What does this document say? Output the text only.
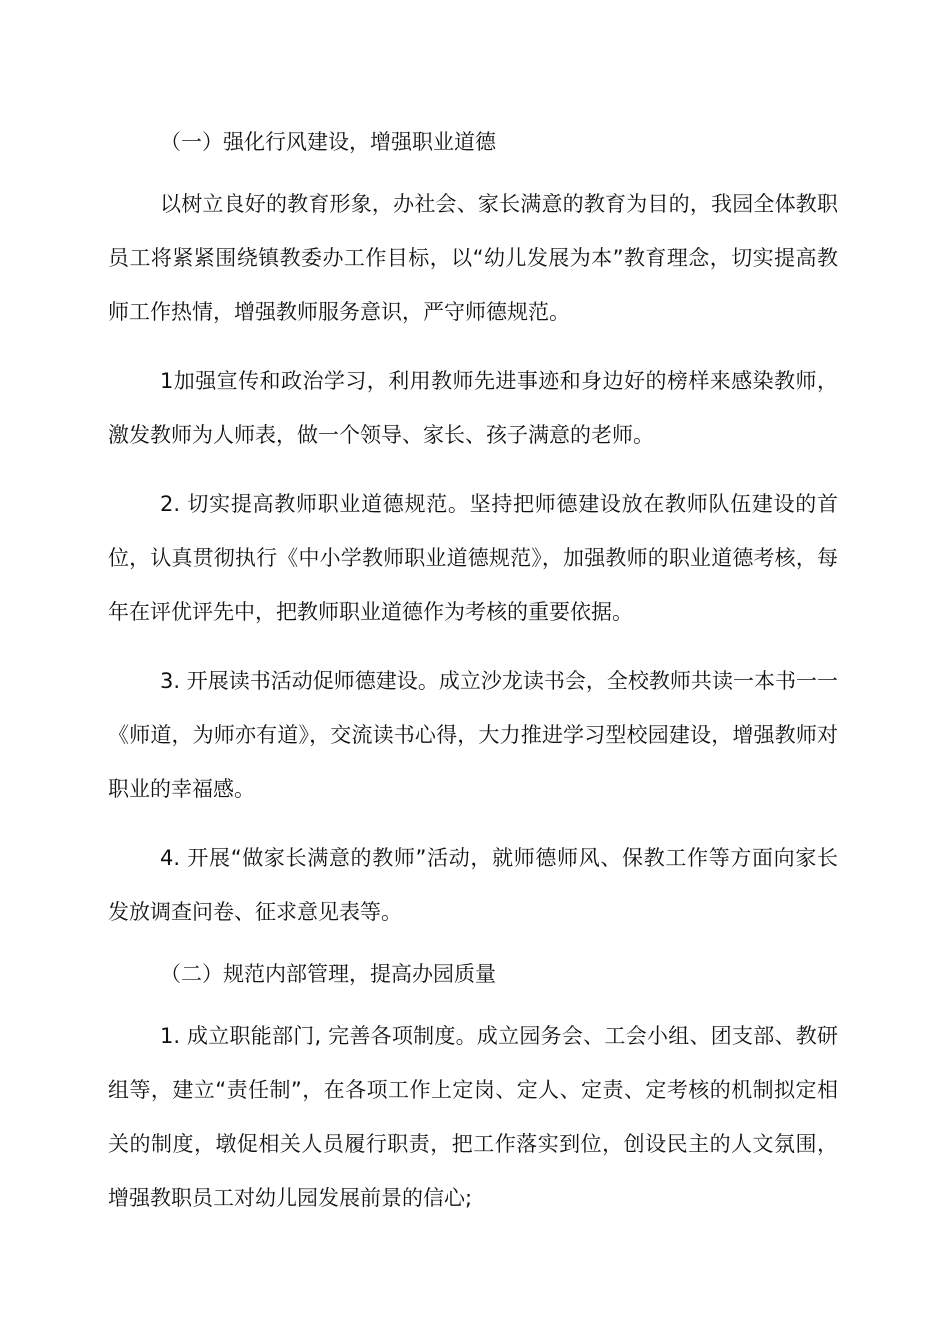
（一）强化行风建设，增强职业道德

以树立良好的教育形象，办社会、家长满意的教育为目的，我园全体教职员工将紧紧围绕镇教委办工作目标，以“幼儿发展为本”教育理念，切实提高教师工作热情，增强教师服务意识，严守师德规范。

1加强宣传和政治学习，利用教师先进事迹和身边好的榜样来感染教师，激发教师为人师表，做一个领导、家长、孩子满意的老师。

2. 切实提高教师职业道德规范。坚持把师德建设放在教师队伍建设的首位，认真贯彻执行《中小学教师职业道德规范》，加强教师的职业道德考核，每年在评优评先中，把教师职业道德作为考核的重要依据。

3. 开展读书活动促师德建设。成立沙龙读书会，全校教师共读一本书一一《师道，为师亦有道》，交流读书心得，大力推进学习型校园建设，增强教师对职业的幸福感。

4. 开展“做家长满意的教师”活动，就师德师风、保教工作等方面向家长发放调查问卷、征求意见表等。

（二）规范内部管理，提高办园质量

1. 成立职能部门, 完善各项制度。成立园务会、工会小组、团支部、教研组等，建立“责任制”，在各项工作上定岗、定人、定责、定考核的机制拟定相关的制度，墩促相关人员履行职责，把工作落实到位，创设民主的人文氛围，增强教职员工对幼儿园发展前景的信心;
